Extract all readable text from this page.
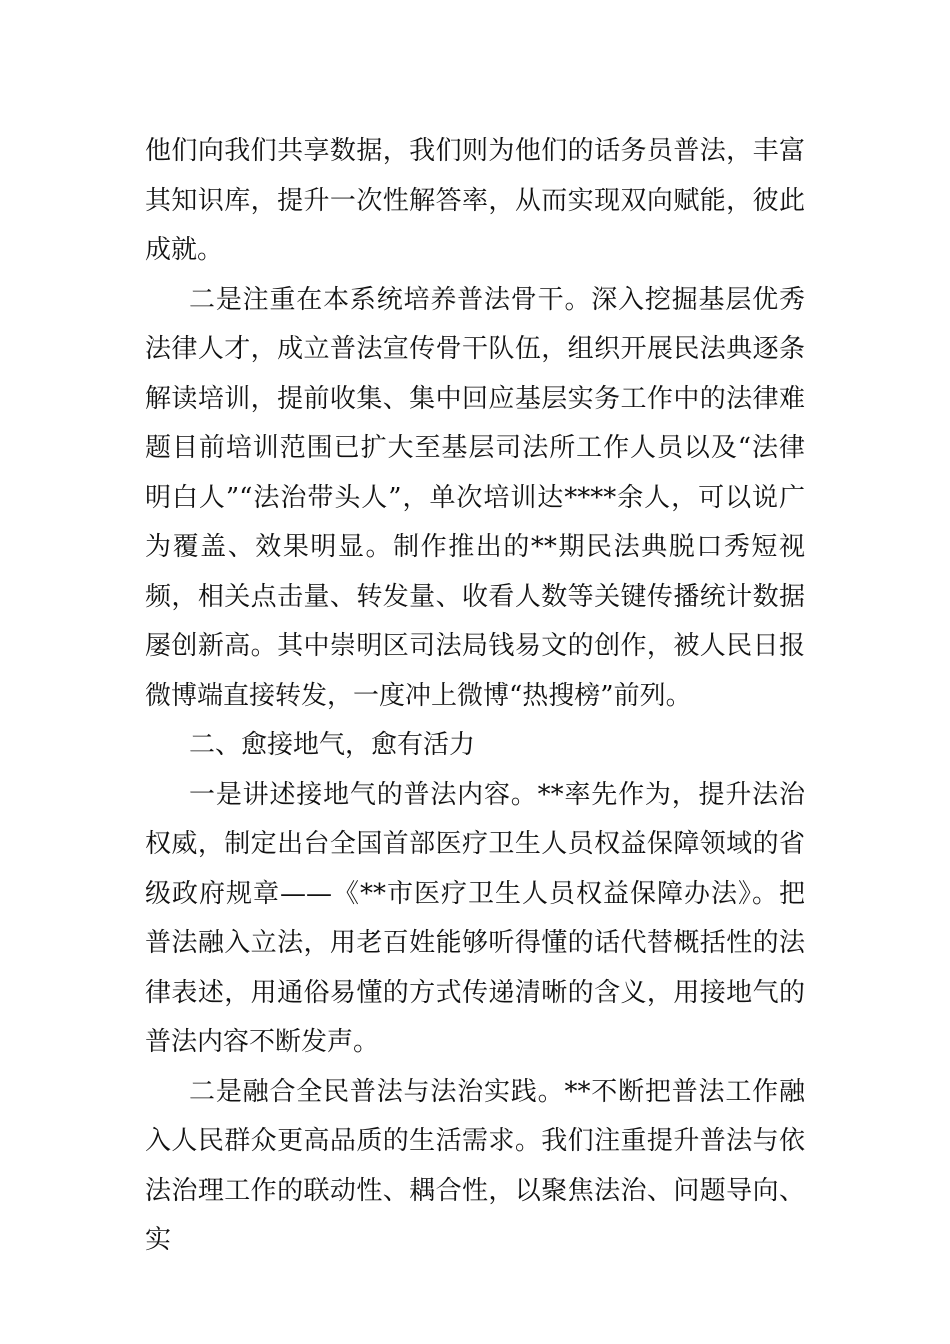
他们向我们共享数据，我们则为他们的话务员普法，丰富其知识库，提升一次性解答率，从而实现双向赋能，彼此成就。

二是注重在本系统培养普法骨干。深入挖掘基层优秀法律人才，成立普法宣传骨干队伍，组织开展民法典逐条解读培训，提前收集、集中回应基层实务工作中的法律难题目前培训范围已扩大至基层司法所工作人员以及“法律明白人”“法治带头人”，单次培训达****余人，可以说广为覆盖、效果明显。制作推出的**期民法典脱口秀短视频，相关点击量、转发量、收看人数等关键传播统计数据屡创新高。其中崇明区司法局钱易文的创作，被人民日报微博端直接转发，一度冲上微博“热搜榜”前列。

二、愈接地气，愈有活力

一是讲述接地气的普法内容。**率先作为，提升法治权威，制定出台全国首部医疗卫生人员权益保障领域的省级政府规章——《**市医疗卫生人员权益保障办法》。把普法融入立法，用老百姓能够听得懂的话代替概括性的法律表述，用通俗易懂的方式传递清晰的含义，用接地气的普法内容不断发声。

二是融合全民普法与法治实践。**不断把普法工作融入人民群众更高品质的生活需求。我们注重提升普法与依法治理工作的联动性、耦合性，以聚焦法治、问题导向、实
